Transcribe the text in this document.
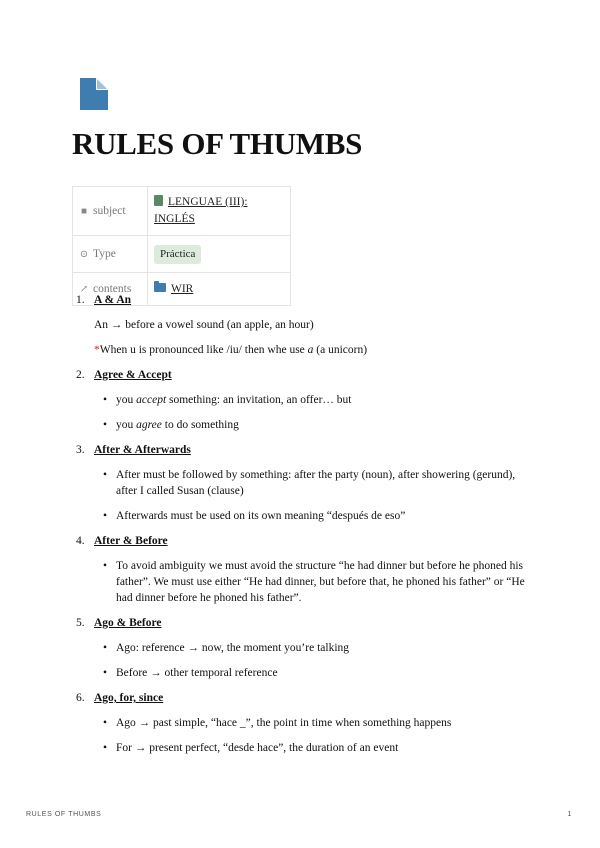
RULES OF THUMBS
■ subject	LENGUAE (III): INGLÉS
⊙ Type	Práctica
↗ contents	WIR
1. A & An
An → before a vowel sound (an apple, an hour)
*When u is pronounced like /iu/ then whe use a (a unicorn)
2. Agree & Accept
• you accept something: an invitation, an offer… but
• you agree to do something
3. After & Afterwards
• After must be followed by something: after the party (noun), after showering (gerund), after I called Susan (clause)
• Afterwards must be used on its own meaning “después de eso”
4. After & Before
• To avoid ambiguity we must avoid the structure “he had dinner but before he phoned his father”. We must use either “He had dinner, but before that, he phoned his father” or “He had dinner before he phoned his father”.
5. Ago & Before
• Ago: reference → now, the moment you’re talking
• Before → other temporal reference
6. Ago, for, since
• Ago → past simple, “hace _”, the point in time when something happens
• For → present perfect, “desde hace”, the duration of an event
RULES OF THUMBS	1
